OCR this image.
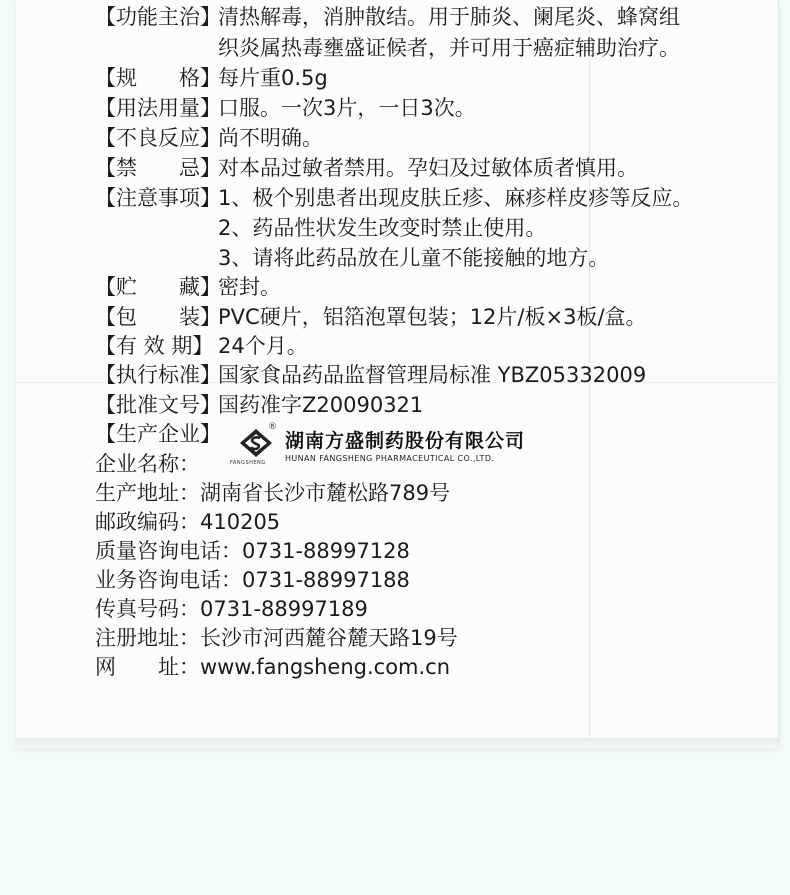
【功能主治】
清热解毒，消肿散结。用于肺炎、阑尾炎、蜂窝组
织炎属热毒壅盛证候者，并可用于癌症辅助治疗。
【规　　格】
每片重0.5g
【用法用量】
口服。一次3片，一日3次。
【不良反应】
尚不明确。
【禁　　忌】
对本品过敏者禁用。孕妇及过敏体质者慎用。
【注意事项】
1、极个别患者出现皮肤丘疹、麻疹样皮疹等反应。
2、药品性状发生改变时禁止使用。
3、请将此药品放在儿童不能接触的地方。
【贮　　藏】
密封。
【包　　装】
PVC硬片，铝箔泡罩包装；12片/板×3板/盒。
【有 效 期】 24个月。
【执行标准】
国家食品药品监督管理局标准 YBZ05332009
【批准文号】
国药准字Z20090321
【生产企业】
企业名称：
®
FANGSHENG
湖南方盛制药股份有限公司
HUNAN FANGSHENG PHARMACEUTICAL CO.,LTD.
生产地址：湖南省长沙市麓松路789号
邮政编码：410205
质量咨询电话：0731-88997128
业务咨询电话：0731-88997188
传真号码：0731-88997189
注册地址：长沙市河西麓谷麓天路19号
网　　址：www.fangsheng.com.cn
